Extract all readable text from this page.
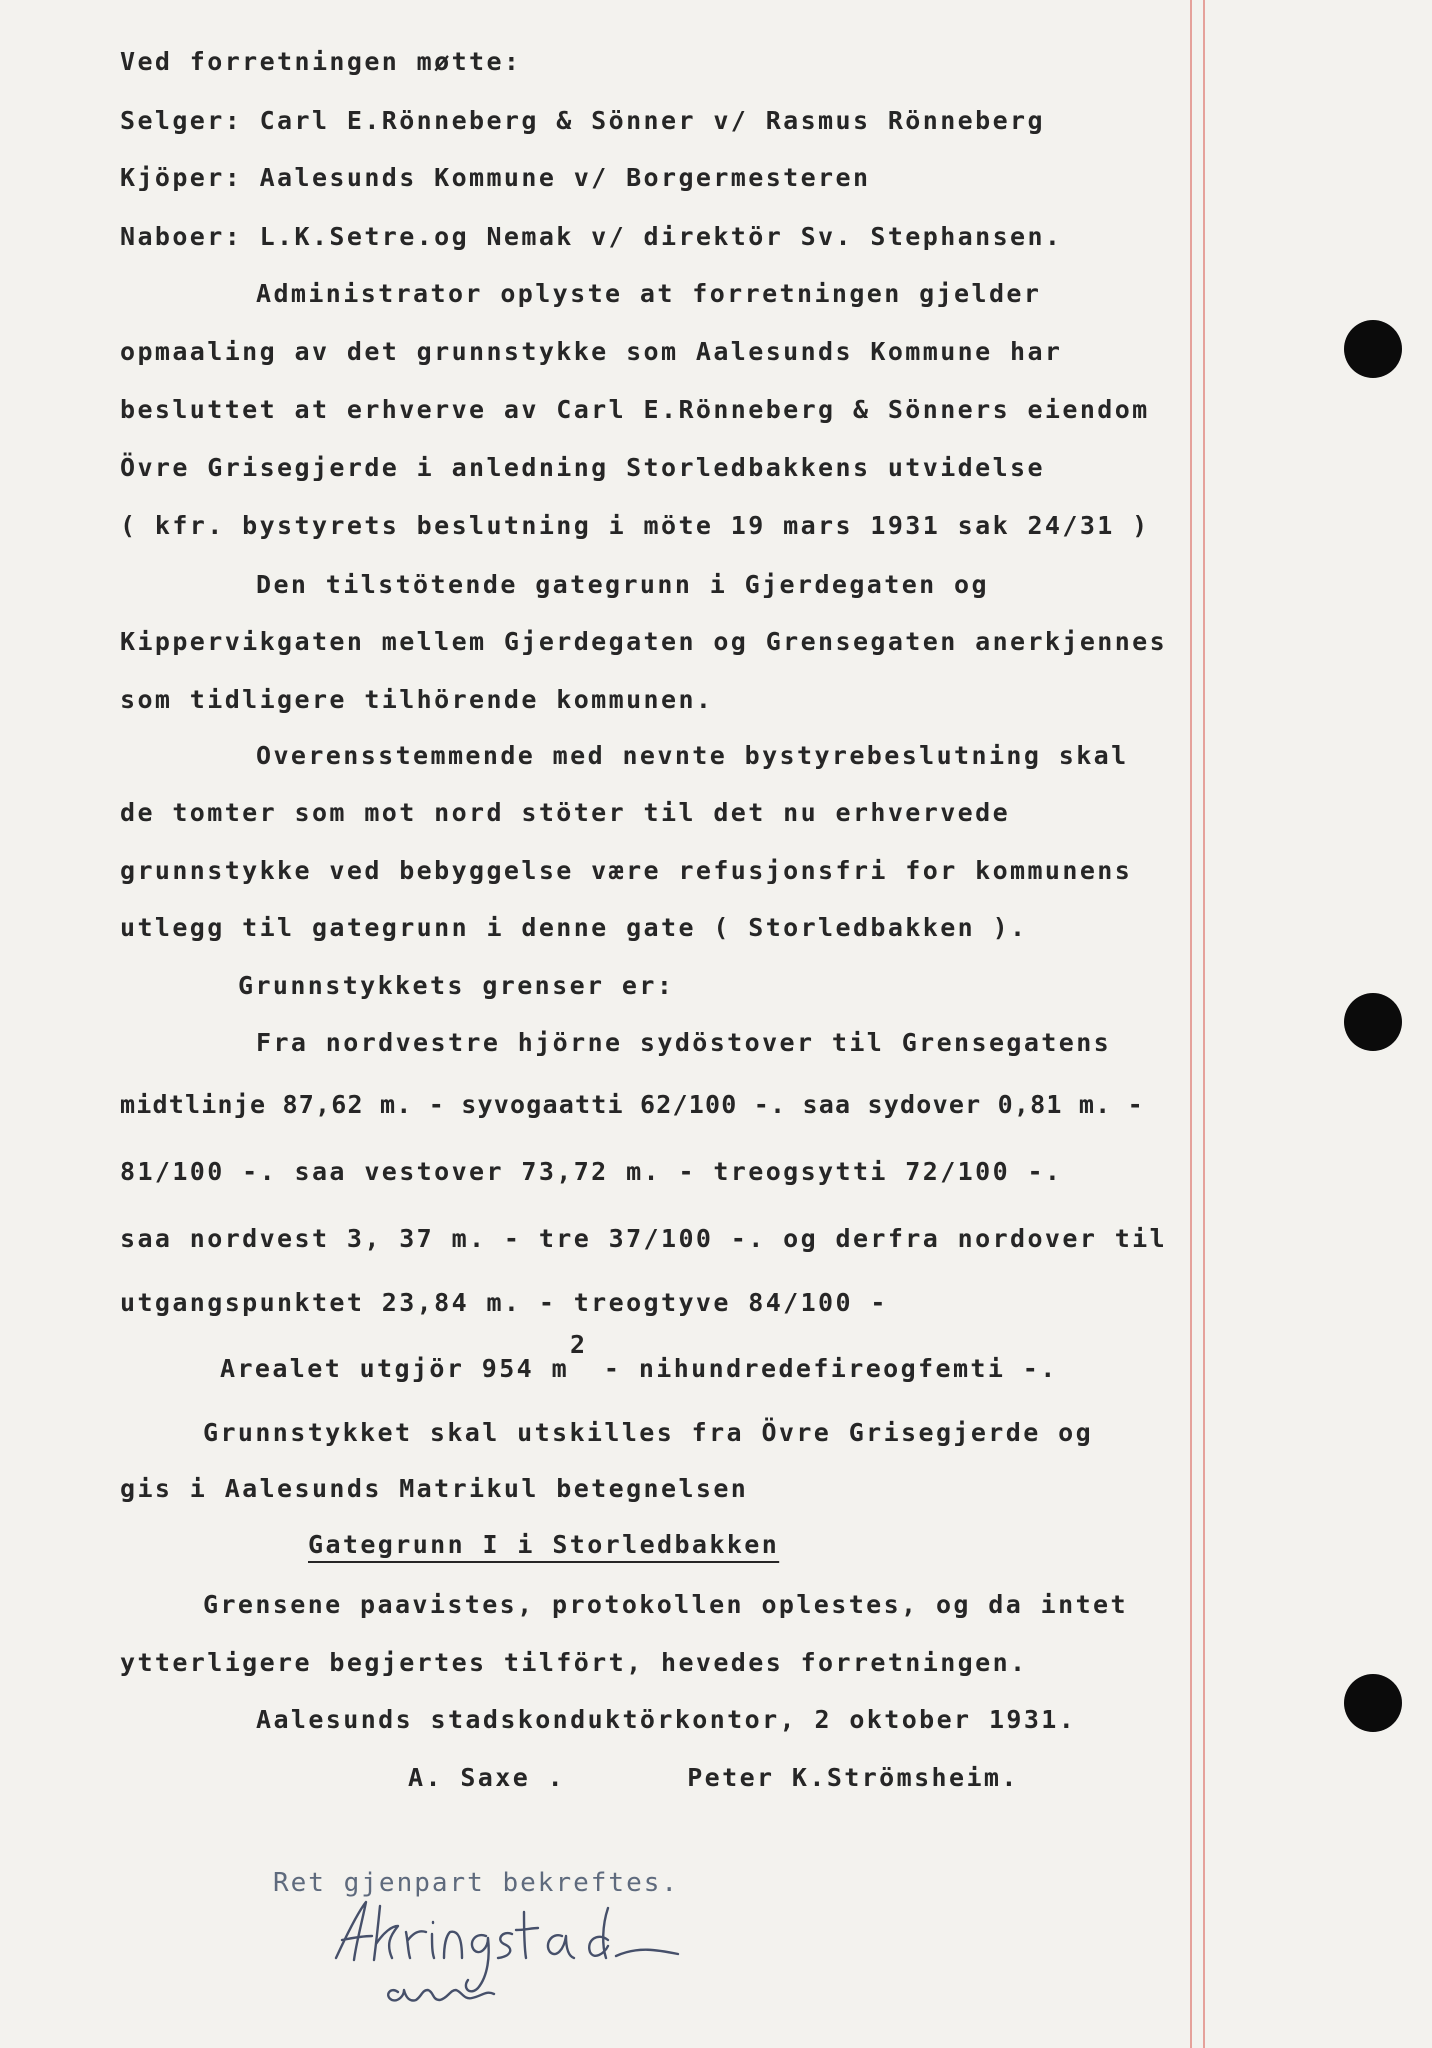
Ved forretningen møtte:
Selger: Carl E.Rönneberg & Sönner v/ Rasmus Rönneberg
Kjöper: Aalesunds Kommune v/ Borgermesteren
Naboer: L.K.Setre.og Nemak v/ direktör Sv. Stephansen.
Administrator oplyste at forretningen gjelder
opmaaling av det grunnstykke som Aalesunds Kommune har
besluttet at erhverve av Carl E.Rönneberg & Sönners eiendom
Övre Grisegjerde i anledning Storledbakkens utvidelse
( kfr. bystyrets beslutning i möte 19 mars 1931 sak 24/31 )
Den tilstötende gategrunn i Gjerdegaten og
Kippervikgaten mellem Gjerdegaten og Grensegaten anerkjennes
som tidligere tilhörende kommunen.
Overensstemmende med nevnte bystyrebeslutning skal
de tomter som mot nord stöter til det nu erhvervede
grunnstykke ved bebyggelse være refusjonsfri for kommunens
utlegg til gategrunn i denne gate ( Storledbakken ).
Grunnstykkets grenser er:
Fra nordvestre hjörne sydöstover til Grensegatens
midtlinje 87,62 m. - syvogaatti 62/100 -. saa sydover 0,81 m. -
81/100 -. saa vestover 73,72 m. - treogsytti 72/100 -.
saa nordvest 3, 37 m. - tre 37/100 -. og derfra nordover til
utgangspunktet 23,84 m. - treogtyve 84/100 -
2
Arealet utgjör 954 m  - nihundredefireogfemti -.
Grunnstykket skal utskilles fra Övre Grisegjerde og
gis i Aalesunds Matrikul betegnelsen
Gategrunn I i Storledbakken
Grensene paavistes, protokollen oplestes, og da intet
ytterligere begjertes tilfört, hevedes forretningen.
Aalesunds stadskonduktörkontor, 2 oktober 1931.
A. Saxe .       Peter K.Strömsheim.
Ret gjenpart bekreftes.
